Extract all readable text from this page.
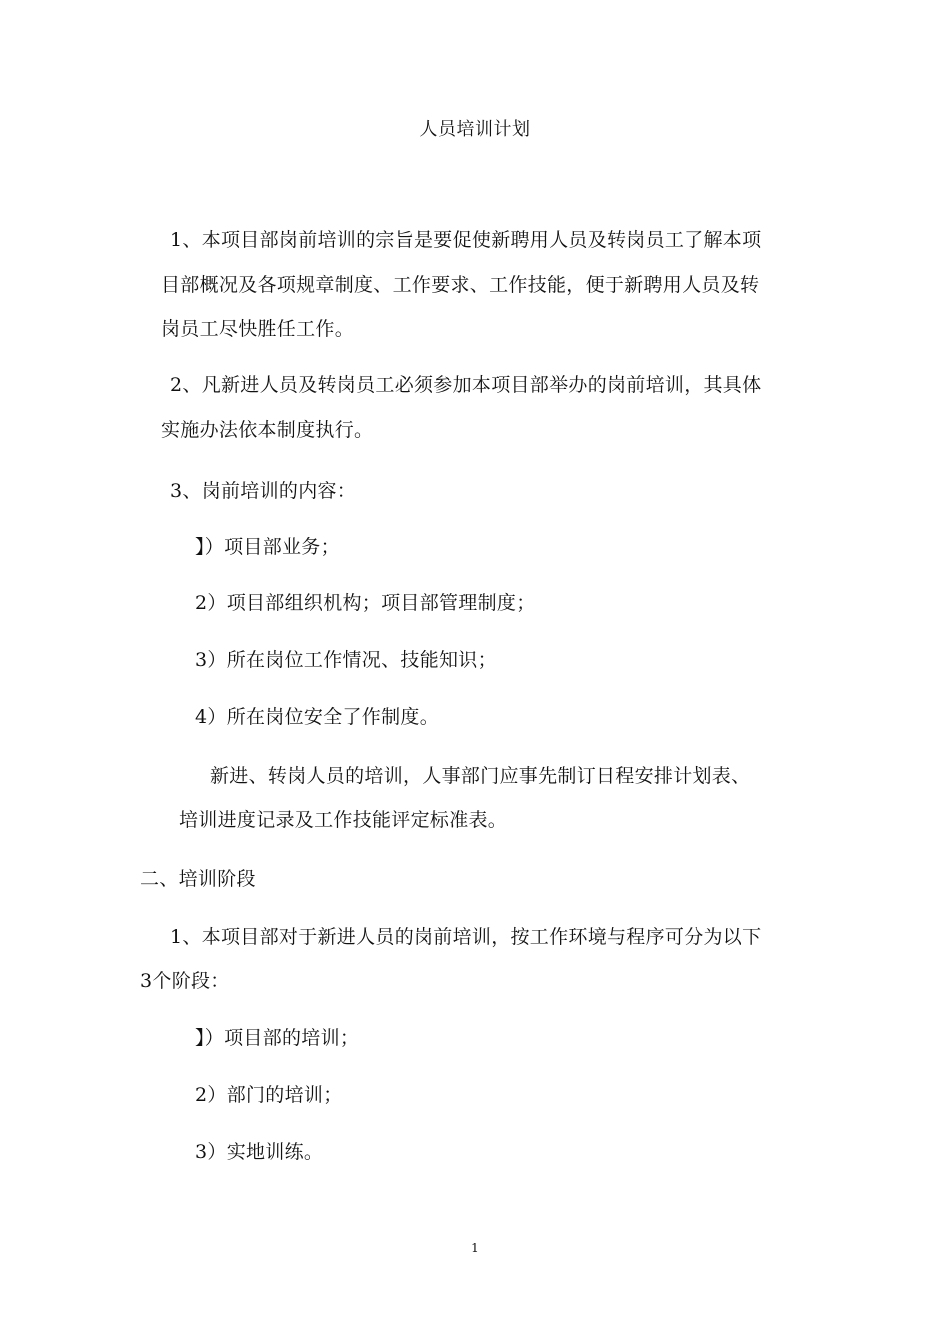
人员培训计划
1、本项目部岗前培训的宗旨是要促使新聘用人员及转岗员工了解本项
目部概况及各项规章制度、工作要求、工作技能，便于新聘用人员及转
岗员工尽快胜任工作。
2、凡新进人员及转岗员工必须参加本项目部举办的岗前培训，其具体
实施办法依本制度执行。
3、岗前培训的内容：
】）项目部业务；
2）项目部组织机构；项目部管理制度；
3）所在岗位工作情况、技能知识；
4）所在岗位安全了作制度。
新进、转岗人员的培训，人事部门应事先制订日程安排计划表、
培训进度记录及工作技能评定标准表。
二、培训阶段
1、本项目部对于新进人员的岗前培训，按工作环境与程序可分为以下
3个阶段：
】）项目部的培训；
2）部门的培训；
3）实地训练。
1
